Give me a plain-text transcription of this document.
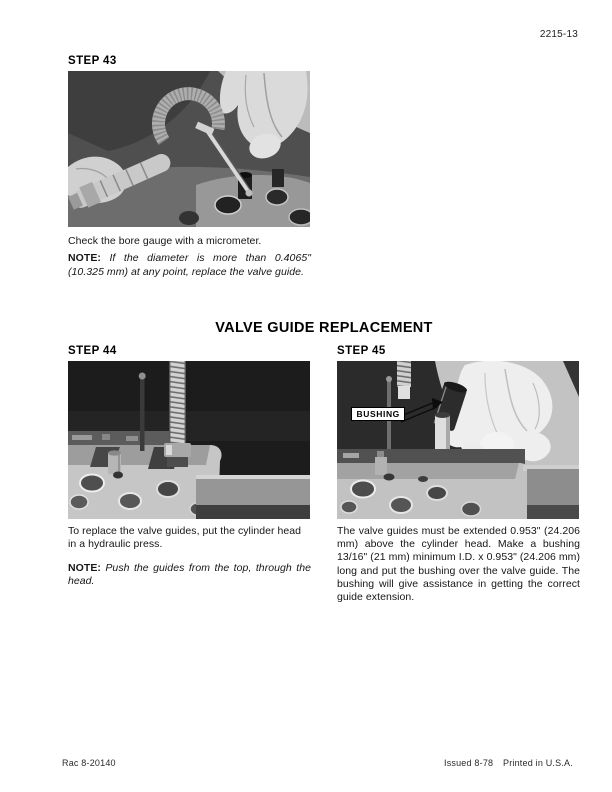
2215-13
STEP 43
Check the bore gauge with a micrometer.

NOTE: If the diameter is more than 0.4065" (10.325 mm) at any point, replace the valve guide.

VALVE GUIDE REPLACEMENT
STEP 44
To replace the valve guides, put the cylinder head in a hydraulic press.

NOTE: Push the guides from the top, through the head.

STEP 45
BUSHING
The valve guides must be extended 0.953" (24.206 mm) above the cylinder head. Make a bushing 13/16" (21 mm) minimum I.D. x 0.953" (24.206 mm) long and put the bushing over the valve guide. The bushing will give assistance in getting the correct guide extension.
Rac 8-20140	Issued 8-78 Printed in U.S.A.
